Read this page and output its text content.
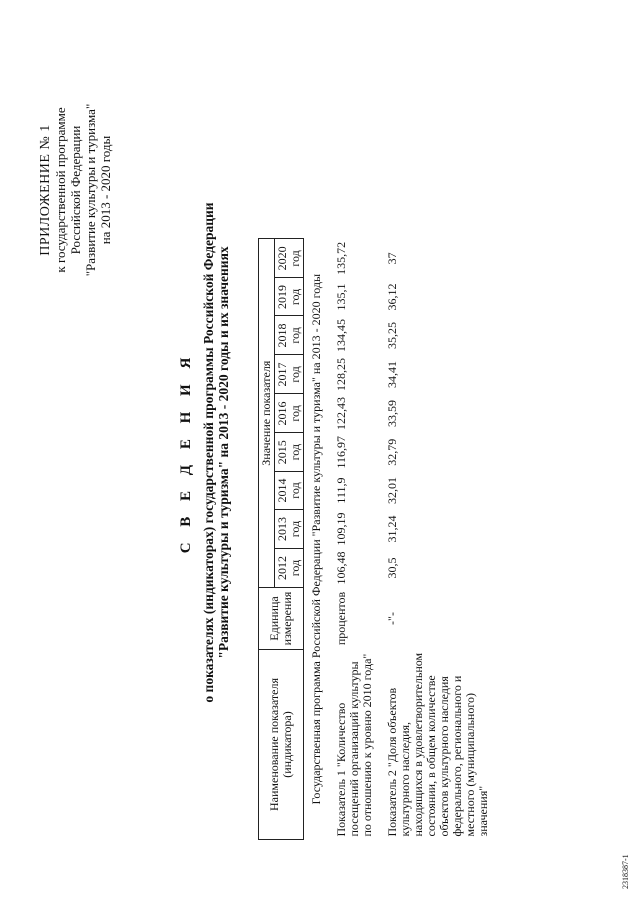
ПРИЛОЖЕНИЕ № 1 к государственной программе Российской Федерации "Развитие культуры и туризма" на 2013 - 2020 годы
С В Е Д Е Н И Я о показателях (индикаторах) государственной программы Российской Федерации "Развитие культуры и туризма" на 2013 - 2020 годы и их значениях
Наименование показателя (индикатора)	Единица измерения	Значение показателя								
		2012 год	2013 год	2014 год	2015 год	2016 год	2017 год	2018 год	2019 год	2020 год
Государственная программа Российской Федерации "Развитие культуры и туризма" на 2013 - 2020 годы										
Показатель 1 "Количество посещений организаций культуры по отношению к уровню 2010 года"	процентов	106,48	109,19	111,9	116,97	122,43	128,25	134,45	135,1	135,72
Показатель 2 "Доля объектов культурного наследия, находящихся в удовлетворительном состоянии, в общем количестве объектов культурного наследия федерального, регионального и местного (муниципального) значения"	-"-	30,5	31,24	32,01	32,79	33,59	34,41	35,25	36,12	37
2318387-1
